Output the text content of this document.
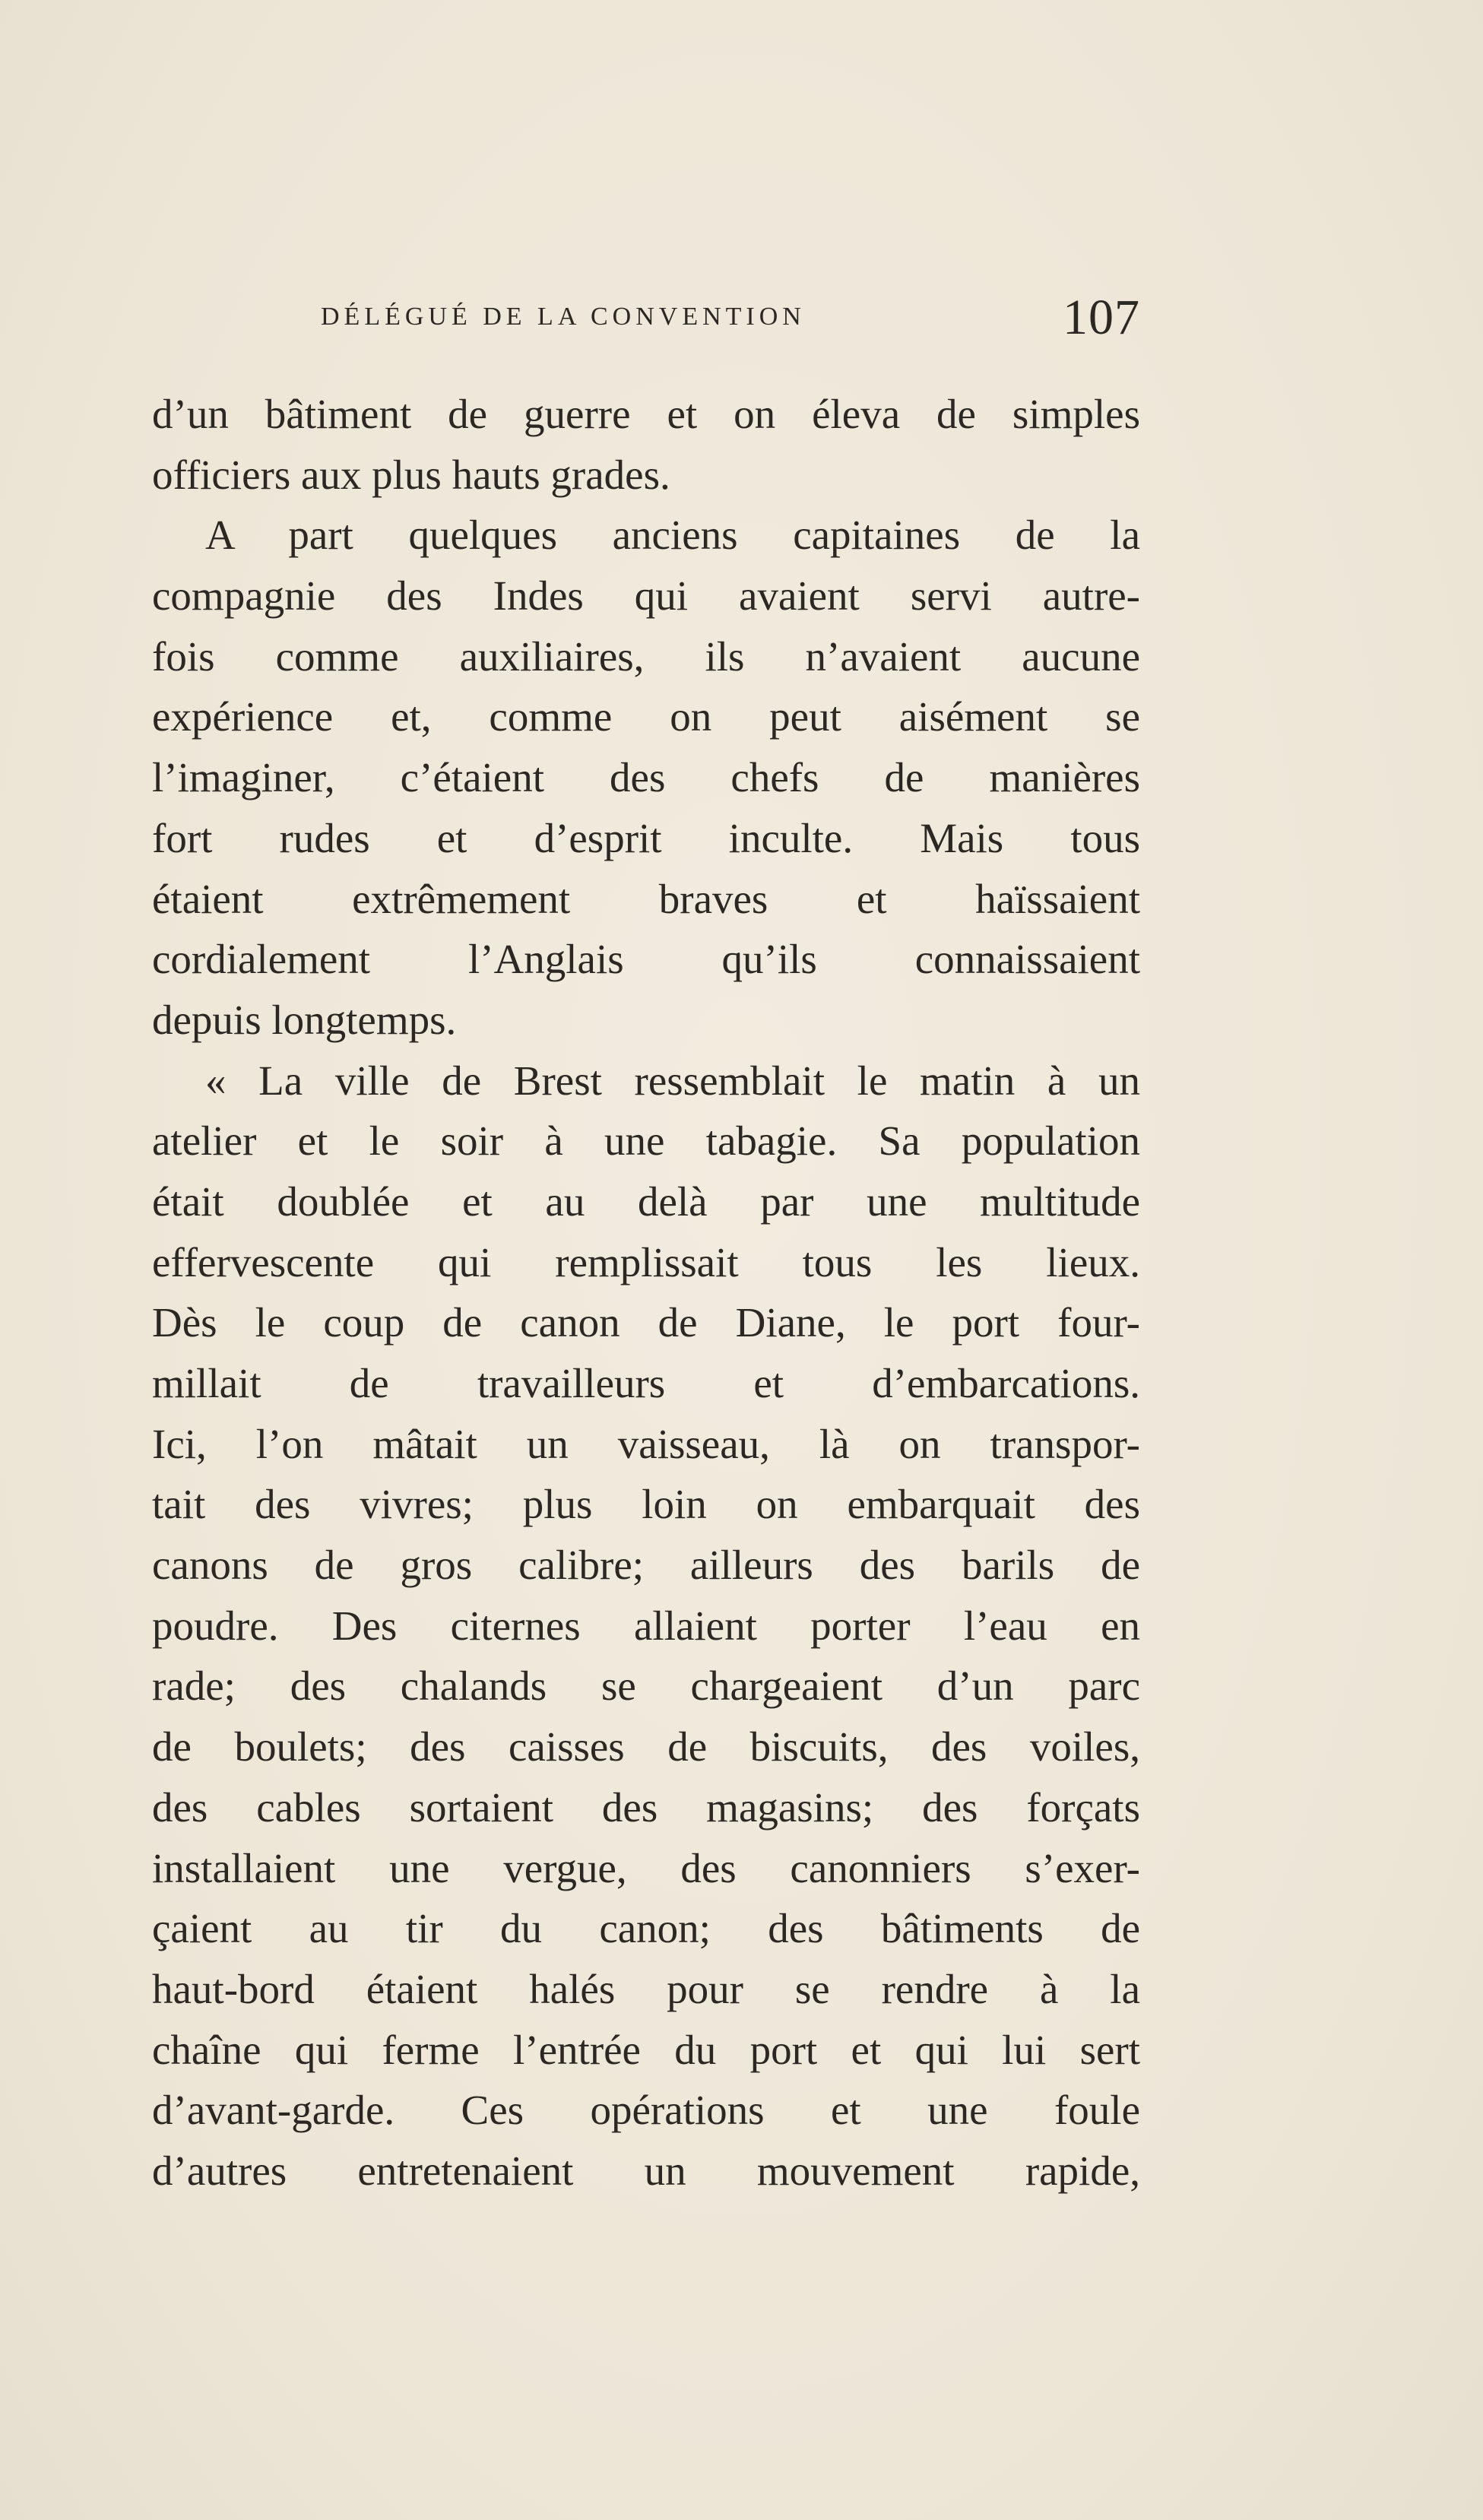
DÉLÉGUÉ DE LA CONVENTION	107
d’un bâtiment de guerre et on éleva de simples
officiers aux plus hauts grades.
A part quelques anciens capitaines de la
compagnie des Indes qui avaient servi autre-
fois comme auxiliaires, ils n’avaient aucune
expérience et, comme on peut aisément se
l’imaginer, c’étaient des chefs de manières
fort rudes et d’esprit inculte. Mais tous
étaient extrêmement braves et haïssaient
cordialement l’Anglais qu’ils connaissaient
depuis longtemps.
« La ville de Brest ressemblait le matin à un
atelier et le soir à une tabagie. Sa population
était doublée et au delà par une multitude
effervescente qui remplissait tous les lieux.
Dès le coup de canon de Diane, le port four-
millait de travailleurs et d’embarcations.
Ici, l’on mâtait un vaisseau, là on transpor-
tait des vivres; plus loin on embarquait des
canons de gros calibre; ailleurs des barils de
poudre. Des citernes allaient porter l’eau en
rade; des chalands se chargeaient d’un parc
de boulets; des caisses de biscuits, des voiles,
des cables sortaient des magasins; des forçats
installaient une vergue, des canonniers s’exer-
çaient au tir du canon; des bâtiments de
haut-bord étaient halés pour se rendre à la
chaîne qui ferme l’entrée du port et qui lui sert
d’avant-garde. Ces opérations et une foule
d’autres entretenaient un mouvement rapide,
